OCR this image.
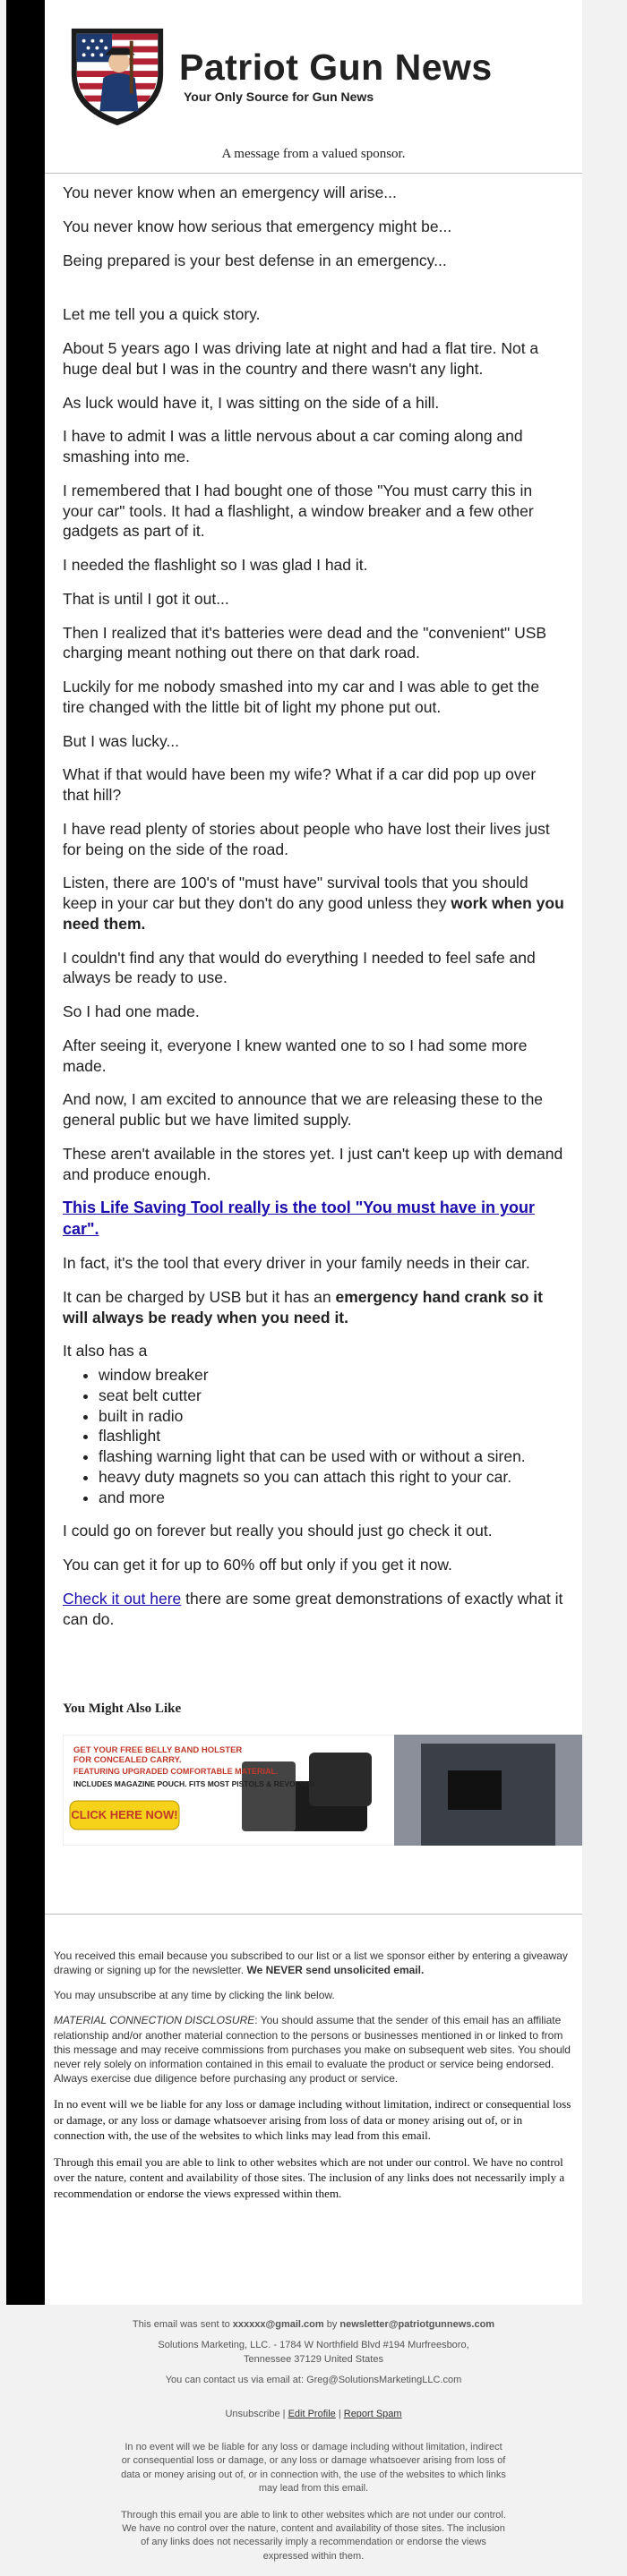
Patriot Gun News
Your Only Source for Gun News
A message from a valued sponsor.

You never know when an emergency will arise...

You never know how serious that emergency might be...

Being prepared is your best defense in an emergency...

Let me tell you a quick story.

About 5 years ago I was driving late at night and had a flat tire. Not a huge deal but I was in the country and there wasn't any light.

As luck would have it, I was sitting on the side of a hill.

I have to admit I was a little nervous about a car coming along and smashing into me.

I remembered that I had bought one of those "You must carry this in your car" tools. It had a flashlight, a window breaker and a few other gadgets as part of it.

I needed the flashlight so I was glad I had it.

That is until I got it out...

Then I realized that it's batteries were dead and the "convenient" USB charging meant nothing out there on that dark road.

Luckily for me nobody smashed into my car and I was able to get the tire changed with the little bit of light my phone put out.

But I was lucky...

What if that would have been my wife? What if a car did pop up over that hill?

I have read plenty of stories about people who have lost their lives just for being on the side of the road.

Listen, there are 100's of "must have" survival tools that you should keep in your car but they don't do any good unless they work when you need them.

I couldn't find any that would do everything I needed to feel safe and always be ready to use.

So I had one made.

After seeing it, everyone I knew wanted one to so I had some more made.

And now, I am excited to announce that we are releasing these to the general public but we have limited supply.

These aren't available in the stores yet. I just can't keep up with demand and produce enough.

This Life Saving Tool really is the tool "You must have in your car".

In fact, it's the tool that every driver in your family needs in their car.

It can be charged by USB but it has an emergency hand crank so it will always be ready when you need it.

It also has a

• window breaker
• seat belt cutter
• built in radio
• flashlight
• flashing warning light that can be used with or without a siren.
• heavy duty magnets so you can attach this right to your car.
• and more

I could go on forever but really you should just go check it out.

You can get it for up to 60% off but only if you get it now.

Check it out here there are some great demonstrations of exactly what it can do.

You Might Also Like
GET YOUR FREE BELLY BAND HOLSTER FOR CONCEALED CARRY.
FEATURING UPGRADED COMFORTABLE MATERIAL.
INCLUDES MAGAZINE POUCH. FITS MOST PISTOLS & REVOLVER
CLICK HERE NOW!

You received this email because you subscribed to our list or a list we sponsor either by entering a giveaway drawing or signing up for the newsletter. We NEVER send unsolicited email.

You may unsubscribe at any time by clicking the link below.

MATERIAL CONNECTION DISCLOSURE: You should assume that the sender of this email has an affiliate relationship and/or another material connection to the persons or businesses mentioned in or linked to from this message and may receive commissions from purchases you make on subsequent web sites. You should never rely solely on information contained in this email to evaluate the product or service being endorsed. Always exercise due diligence before purchasing any product or service.

In no event will we be liable for any loss or damage including without limitation, indirect or consequential loss or damage, or any loss or damage whatsoever arising from loss of data or money arising out of, or in connection with, the use of the websites to which links may lead from this email.

Through this email you are able to link to other websites which are not under our control. We have no control over the nature, content and availability of those sites. The inclusion of any links does not necessarily imply a recommendation or endorse the views expressed within them.

This email was sent to xxxxxx@gmail.com by newsletter@patriotgunnews.com

Solutions Marketing, LLC. - 1784 W Northfield Blvd #194 Murfreesboro, Tennessee 37129 United States

You can contact us via email at: Greg@SolutionsMarketingLLC.com

Unsubscribe | Edit Profile | Report Spam

In no event will we be liable for any loss or damage including without limitation, indirect or consequential loss or damage, or any loss or damage whatsoever arising from loss of data or money arising out of, or in connection with, the use of the websites to which links may lead from this email.

Through this email you are able to link to other websites which are not under our control. We have no control over the nature, content and availability of those sites. The inclusion of any links does not necessarily imply a recommendation or endorse the views expressed within them.
